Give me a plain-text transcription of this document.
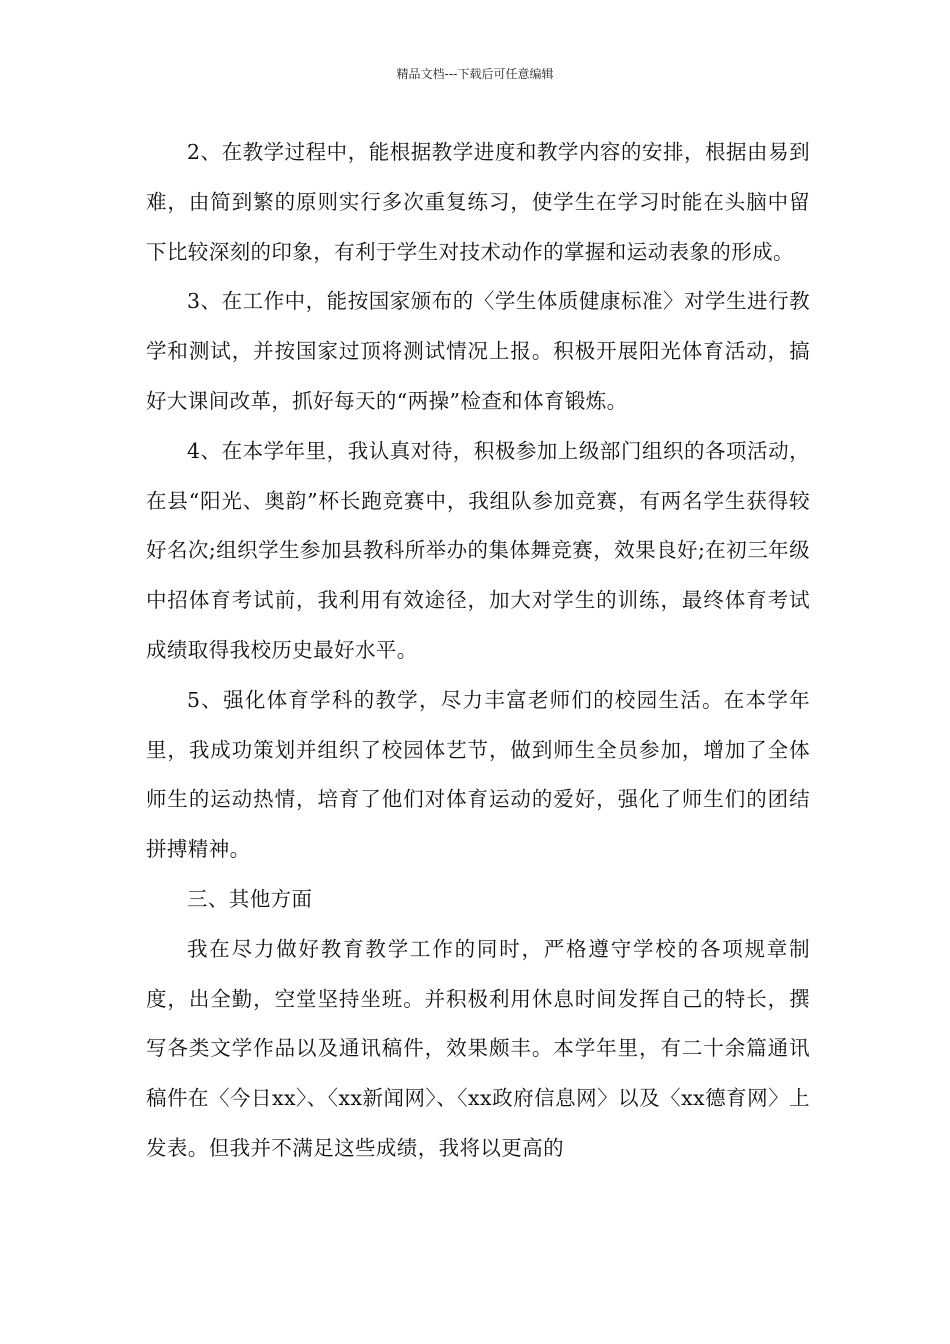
精品文档---下载后可任意编辑

2、在教学过程中，能根据教学进度和教学内容的安排，根据由易到难，由简到繁的原则实行多次重复练习，使学生在学习时能在头脑中留下比较深刻的印象，有利于学生对技术动作的掌握和运动表象的形成。

3、在工作中，能按国家颁布的〈学生体质健康标准〉对学生进行教学和测试，并按国家过顶将测试情况上报。积极开展阳光体育活动，搞好大课间改革，抓好每天的“两操”检查和体育锻炼。

4、在本学年里，我认真对待，积极参加上级部门组织的各项活动，在县“阳光、奥韵”杯长跑竞赛中，我组队参加竞赛，有两名学生获得较好名次;组织学生参加县教科所举办的集体舞竞赛，效果良好;在初三年级中招体育考试前，我利用有效途径，加大对学生的训练，最终体育考试成绩取得我校历史最好水平。

5、强化体育学科的教学，尽力丰富老师们的校园生活。在本学年里，我成功策划并组织了校园体艺节，做到师生全员参加，增加了全体师生的运动热情，培育了他们对体育运动的爱好，强化了师生们的团结拼搏精神。

三、其他方面

我在尽力做好教育教学工作的同时，严格遵守学校的各项规章制度，出全勤，空堂坚持坐班。并积极利用休息时间发挥自己的特长，撰写各类文学作品以及通讯稿件，效果颇丰。本学年里，有二十余篇通讯稿件在〈今日xx〉、〈xx新闻网〉、〈xx政府信息网〉以及〈xx德育网〉上发表。但我并不满足这些成绩，我将以更高的
